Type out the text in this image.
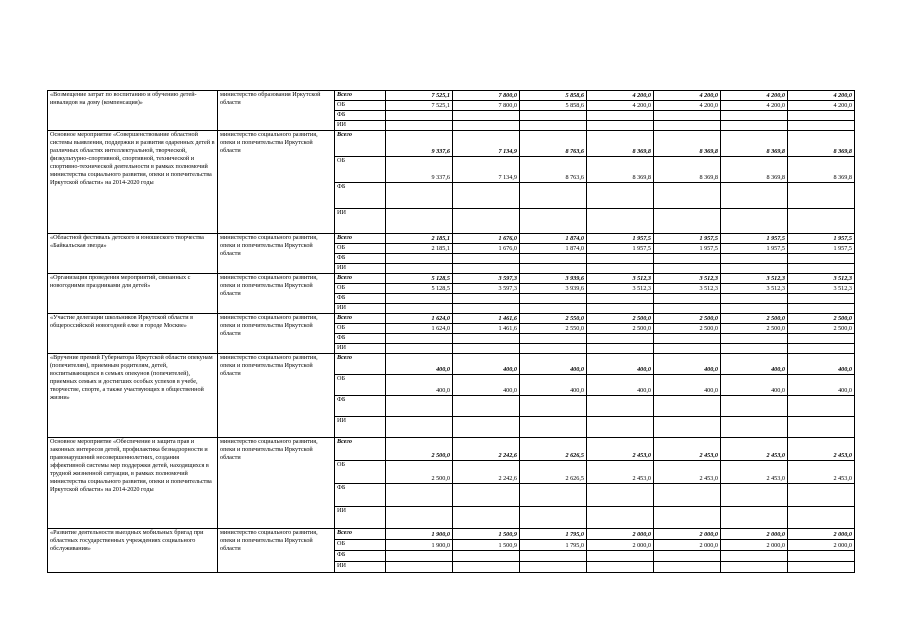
«Возмещение затрат по воспитанию и обучению детей-инвалидов на дому (компенсация)»	министерство образования Иркутской области	Всего	7 525,1	7 800,0	5 858,6	4 200,0	4 200,0	4 200,0	4 200,0
		ОБ	7 525,1	7 800,0	5 858,6	4 200,0	4 200,0	4 200,0	4 200,0
		ФБ							
		ИИ							
Основное мероприятие «Совершенствование областной системы выявления, поддержки и развития одаренных детей в различных областях интеллектуальной, творческой, физкультурно-спортивной, спортивной, технической и спортивно-технической деятельности в рамках полномочий министерства социального развития, опеки и попечительства Иркутской области» на 2014-2020 годы	министерство социального развития, опеки и попечительства Иркутской области	Всего	9 337,6	7 134,9	8 763,6	8 369,8	8 369,8	8 369,8	8 369,8
		ОБ	9 337,6	7 134,9	8 763,6	8 369,8	8 369,8	8 369,8	8 369,8
		ФБ							
		ИИ							
«Областной фестиваль детского и юношеского творчества «Байкальская звезда»	министерство социального развития, опеки и попечительства Иркутской области	Всего	2 185,1	1 676,0	1 874,0	1 957,5	1 957,5	1 957,5	1 957,5
		ОБ	2 185,1	1 676,0	1 874,0	1 957,5	1 957,5	1 957,5	1 957,5
		ФБ							
		ИИ							
«Организация проведения мероприятий, связанных с новогодними праздниками для детей»	министерство социального развития, опеки и попечительства Иркутской области	Всего	5 128,5	3 597,3	3 939,6	3 512,3	3 512,3	3 512,3	3 512,3
		ОБ	5 128,5	3 597,3	3 939,6	3 512,3	3 512,3	3 512,3	3 512,3
		ФБ							
		ИИ							
«Участие делегации школьников Иркутской области в общероссийской новогодней елке в городе Москве»	министерство социального развития, опеки и попечительства Иркутской области	Всего	1 624,0	1 461,6	2 550,0	2 500,0	2 500,0	2 500,0	2 500,0
		ОБ	1 624,0	1 461,6	2 550,0	2 500,0	2 500,0	2 500,0	2 500,0
		ФБ							
		ИИ							
«Вручение премий Губернатора Иркутской области опекунам (попечителям), приемным родителям, детей, воспитывающихся в семьях опекунов (попечителей), приемных семьях и достигших особых успехов в учебе, творчестве, спорте, а также участвующих в общественной жизни»	министерство социального развития, опеки и попечительства Иркутской области	Всего	400,0	400,0	400,0	400,0	400,0	400,0	400,0
		ОБ	400,0	400,0	400,0	400,0	400,0	400,0	400,0
		ФБ							
		ИИ							
Основное мероприятие «Обеспечение и защита прав и законных интересов детей, профилактика безнадзорности и правонарушений несовершеннолетних, создания эффективной системы мер поддержки детей, находящихся в трудной жизненной ситуации, в рамках полномочий министерства социального развития, опеки и попечительства Иркутской области» на 2014-2020 годы	министерство социального развития, опеки и попечительства Иркутской области	Всего	2 500,0	2 242,6	2 626,5	2 453,0	2 453,0	2 453,0	2 453,0
		ОБ	2 500,0	2 242,6	2 626,5	2 453,0	2 453,0	2 453,0	2 453,0
		ФБ							
		ИИ							
«Развитие деятельности выездных мобильных бригад при областных государственных учреждениях социального обслуживания»	министерство социального развития, опеки и попечительства Иркутской области	Всего	1 900,0	1 500,9	1 795,0	2 000,0	2 000,0	2 000,0	2 000,0
		ОБ	1 900,0	1 500,9	1 795,0	2 000,0	2 000,0	2 000,0	2 000,0
		ФБ							
		ИИ							
